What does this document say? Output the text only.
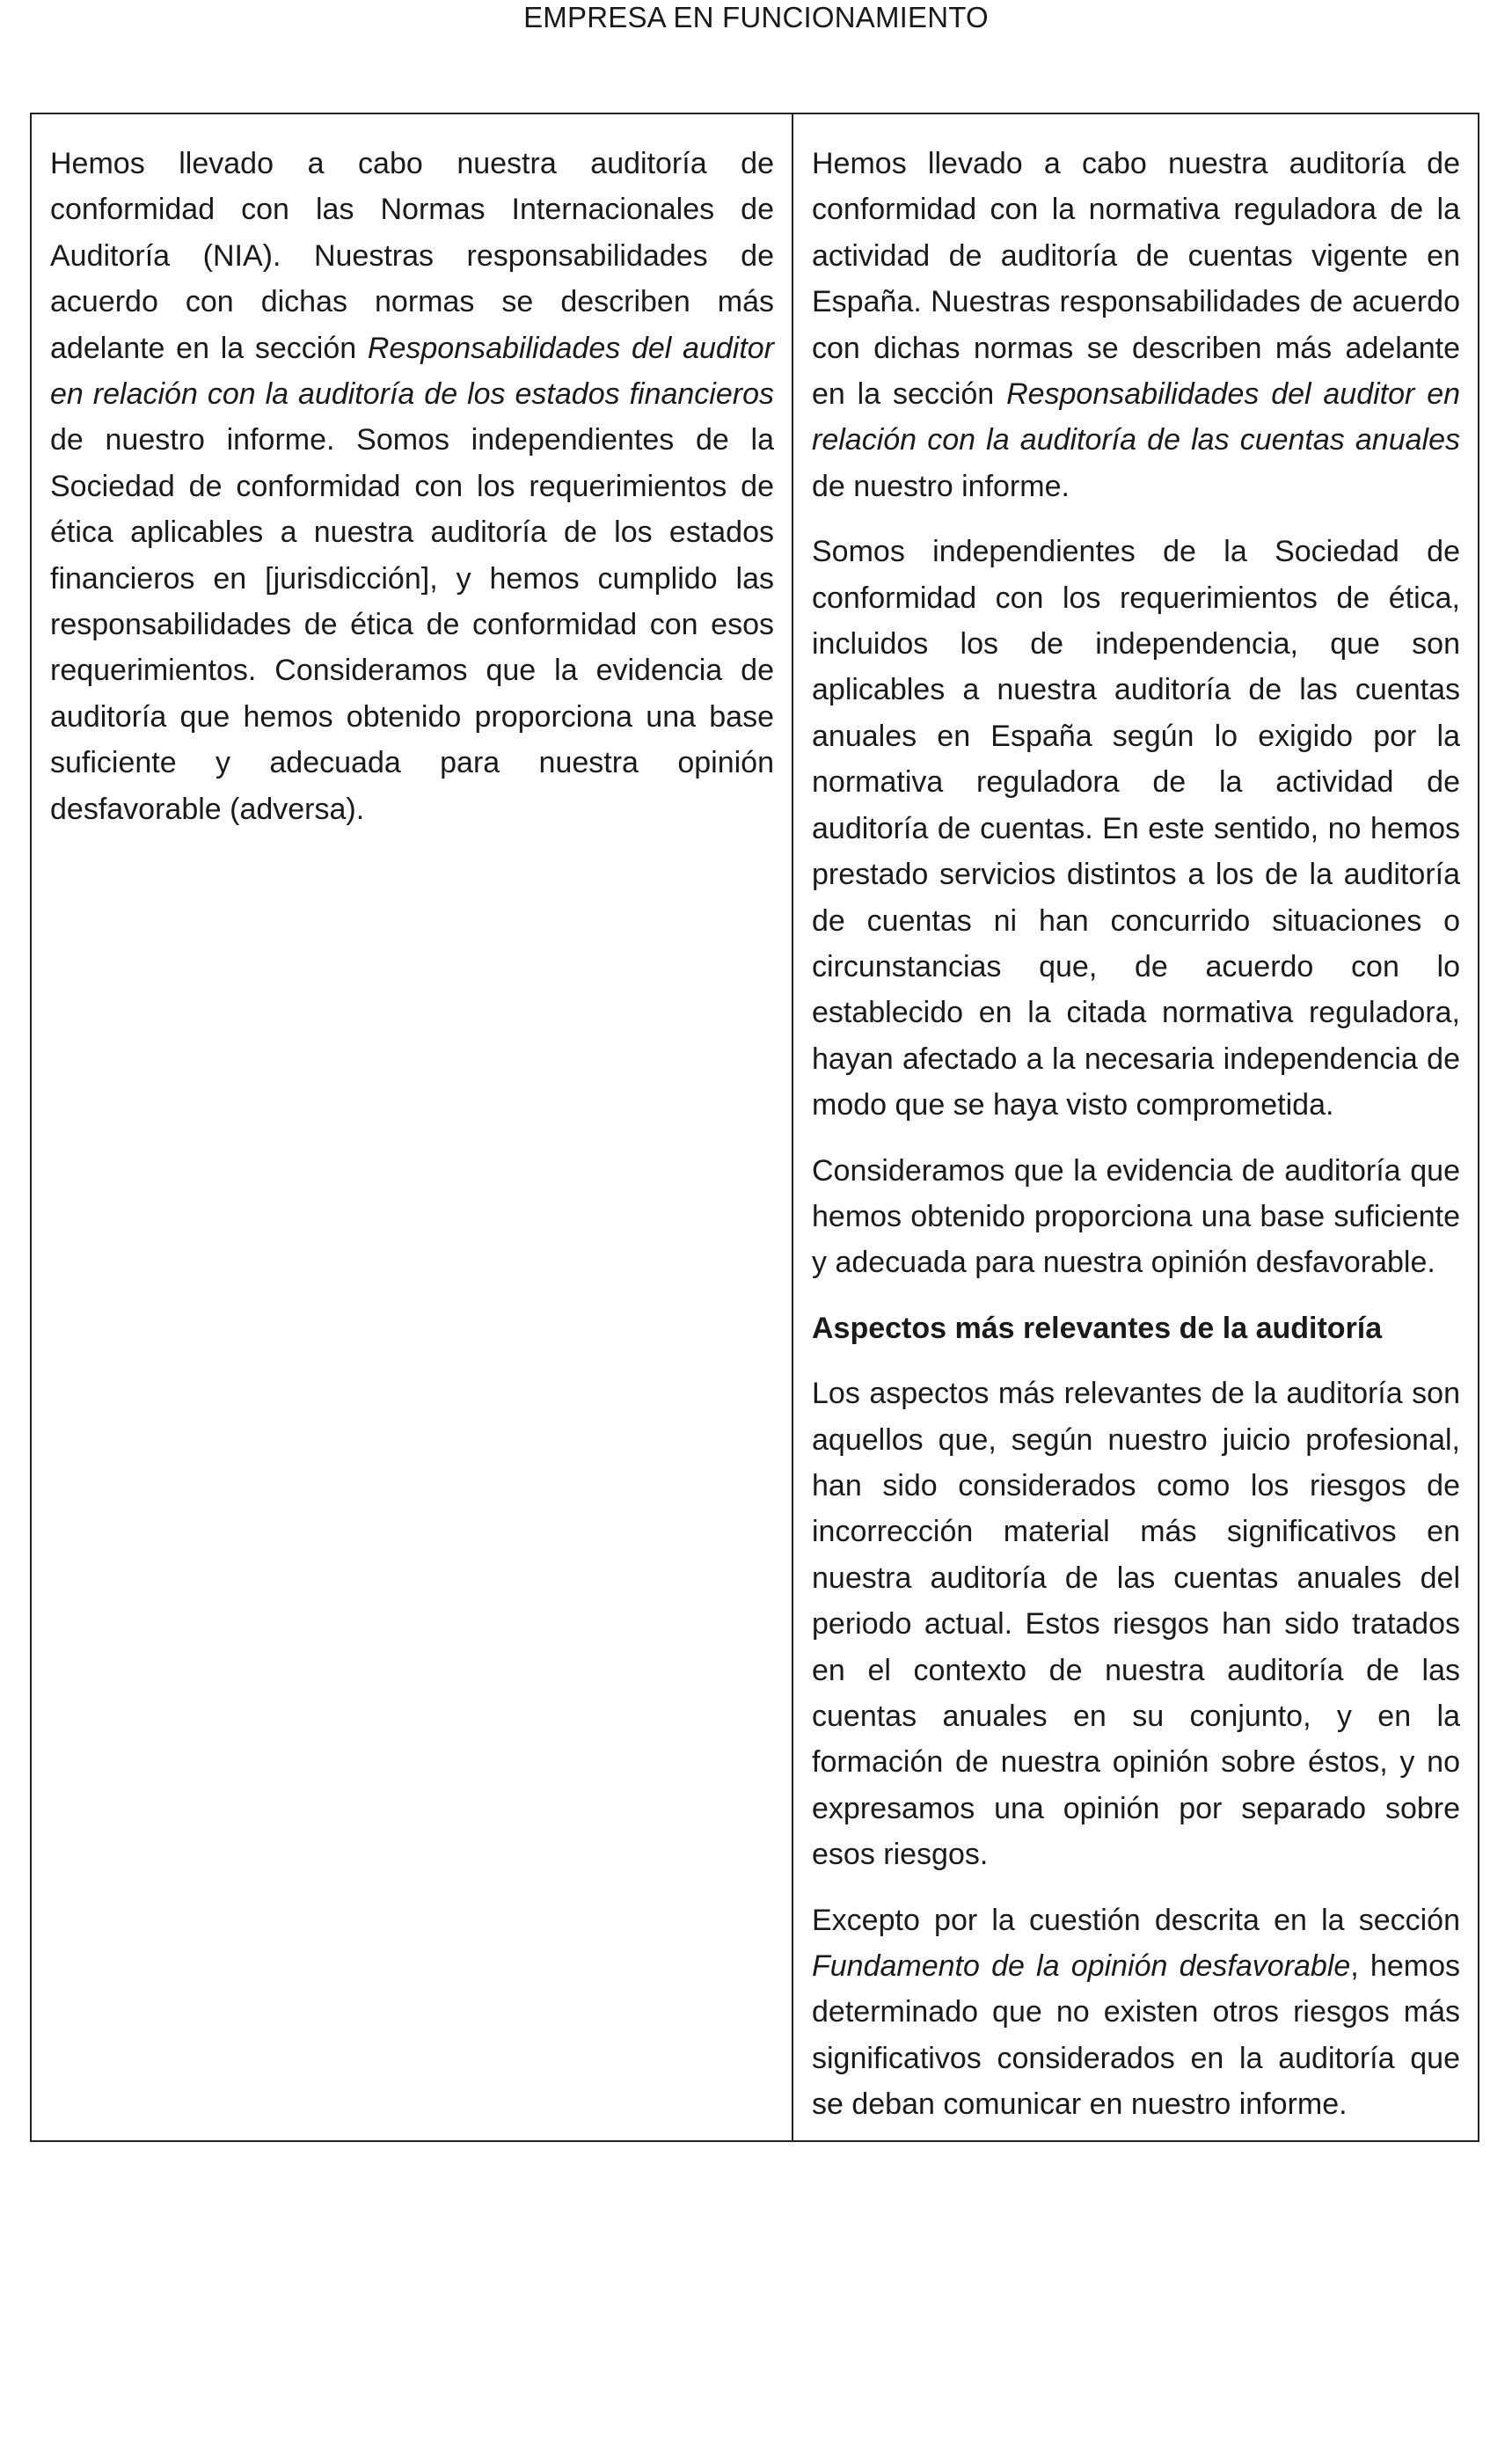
EMPRESA EN FUNCIONAMIENTO

Hemos llevado a cabo nuestra auditoría de conformidad con las Normas Internacionales de Auditoría (NIA). Nuestras responsabilidades de acuerdo con dichas normas se describen más adelante en la sección Responsabilidades del auditor en relación con la auditoría de los estados financieros de nuestro informe. Somos independientes de la Sociedad de conformidad con los requerimientos de ética aplicables a nuestra auditoría de los estados financieros en [jurisdicción], y hemos cumplido las responsabilidades de ética de conformidad con esos requerimientos. Consideramos que la evidencia de auditoría que hemos obtenido proporciona una base suficiente y adecuada para nuestra opinión desfavorable (adversa).

Hemos llevado a cabo nuestra auditoría de conformidad con la normativa reguladora de la actividad de auditoría de cuentas vigente en España. Nuestras responsabilidades de acuerdo con dichas normas se describen más adelante en la sección Responsabilidades del auditor en relación con la auditoría de las cuentas anuales de nuestro informe.

Somos independientes de la Sociedad de conformidad con los requerimientos de ética, incluidos los de independencia, que son aplicables a nuestra auditoría de las cuentas anuales en España según lo exigido por la normativa reguladora de la actividad de auditoría de cuentas. En este sentido, no hemos prestado servicios distintos a los de la auditoría de cuentas ni han concurrido situaciones o circunstancias que, de acuerdo con lo establecido en la citada normativa reguladora, hayan afectado a la necesaria independencia de modo que se haya visto comprometida.

Consideramos que la evidencia de auditoría que hemos obtenido proporciona una base suficiente y adecuada para nuestra opinión desfavorable.

Aspectos más relevantes de la auditoría

Los aspectos más relevantes de la auditoría son aquellos que, según nuestro juicio profesional, han sido considerados como los riesgos de incorrección material más significativos en nuestra auditoría de las cuentas anuales del periodo actual. Estos riesgos han sido tratados en el contexto de nuestra auditoría de las cuentas anuales en su conjunto, y en la formación de nuestra opinión sobre éstos, y no expresamos una opinión por separado sobre esos riesgos.

Excepto por la cuestión descrita en la sección Fundamento de la opinión desfavorable, hemos determinado que no existen otros riesgos más significativos considerados en la auditoría que se deban comunicar en nuestro informe.
